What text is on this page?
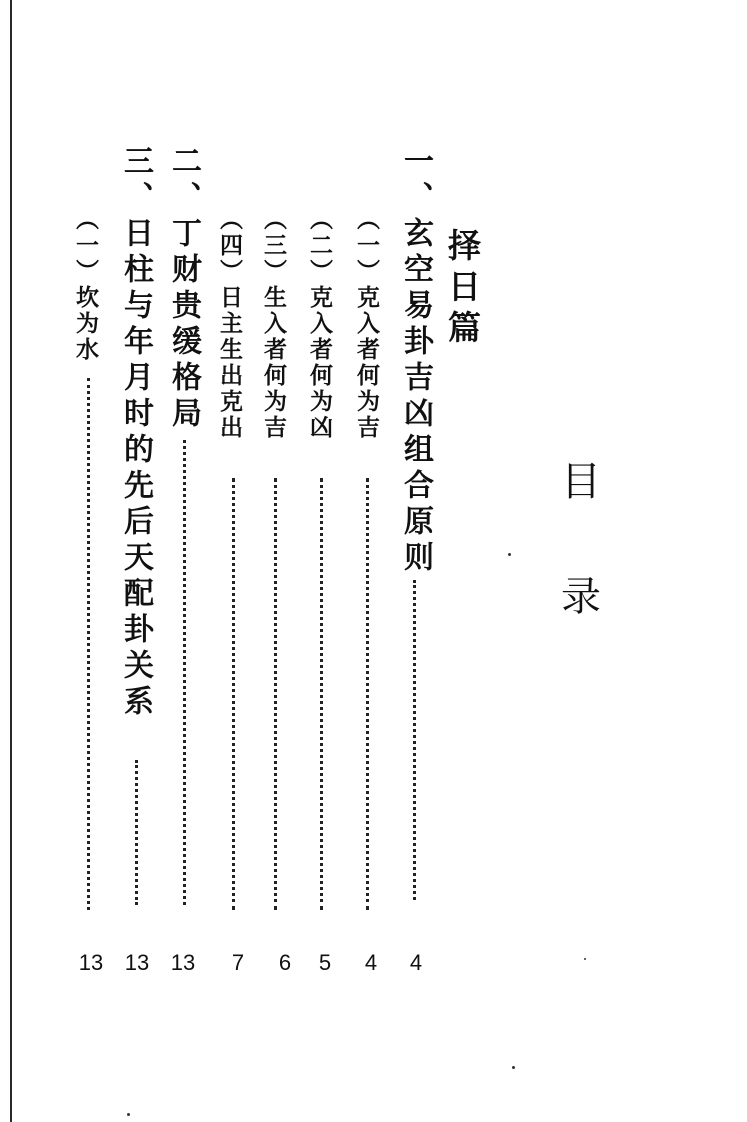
目
录
择日篇
一、玄空易卦吉凶组合原则
4
（一）克入者何为吉
4
（二）克入者何为凶
5
（三）生入者何为吉
6
（四）日主生出克出
7
二、丁财贵缓格局
13
三、日柱与年月时的先后天配卦关系
13
（一）坎为水
13
